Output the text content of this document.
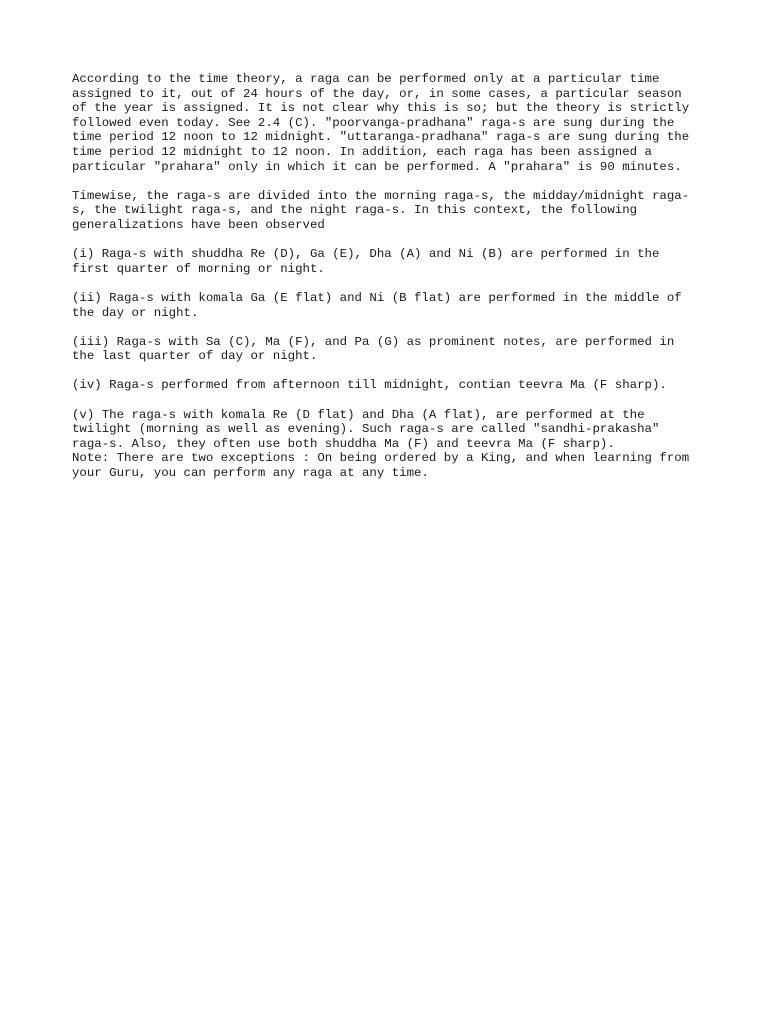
According to the time theory, a raga can be performed only at a particular time
assigned to it, out of 24 hours of the day, or, in some cases, a particular season
of the year is assigned. It is not clear why this is so; but the theory is strictly
followed even today. See 2.4 (C). "poorvanga-pradhana" raga-s are sung during the
time period 12 noon to 12 midnight. "uttaranga-pradhana" raga-s are sung during the
time period 12 midnight to 12 noon. In addition, each raga has been assigned a
particular "prahara" only in which it can be performed. A "prahara" is 90 minutes.
Timewise, the raga-s are divided into the morning raga-s, the midday/midnight raga-
s, the twilight raga-s, and the night raga-s. In this context, the following
generalizations have been observed
(i) Raga-s with shuddha Re (D), Ga (E), Dha (A) and Ni (B) are performed in the
first quarter of morning or night.
(ii) Raga-s with komala Ga (E flat) and Ni (B flat) are performed in the middle of
the day or night.
(iii) Raga-s with Sa (C), Ma (F), and Pa (G) as prominent notes, are performed in
the last quarter of day or night.
(iv) Raga-s performed from afternoon till midnight, contian teevra Ma (F sharp).
(v) The raga-s with komala Re (D flat) and Dha (A flat), are performed at the
twilight (morning as well as evening). Such raga-s are called "sandhi-prakasha"
raga-s. Also, they often use both shuddha Ma (F) and teevra Ma (F sharp).
Note: There are two exceptions : On being ordered by a King, and when learning from
your Guru, you can perform any raga at any time.
